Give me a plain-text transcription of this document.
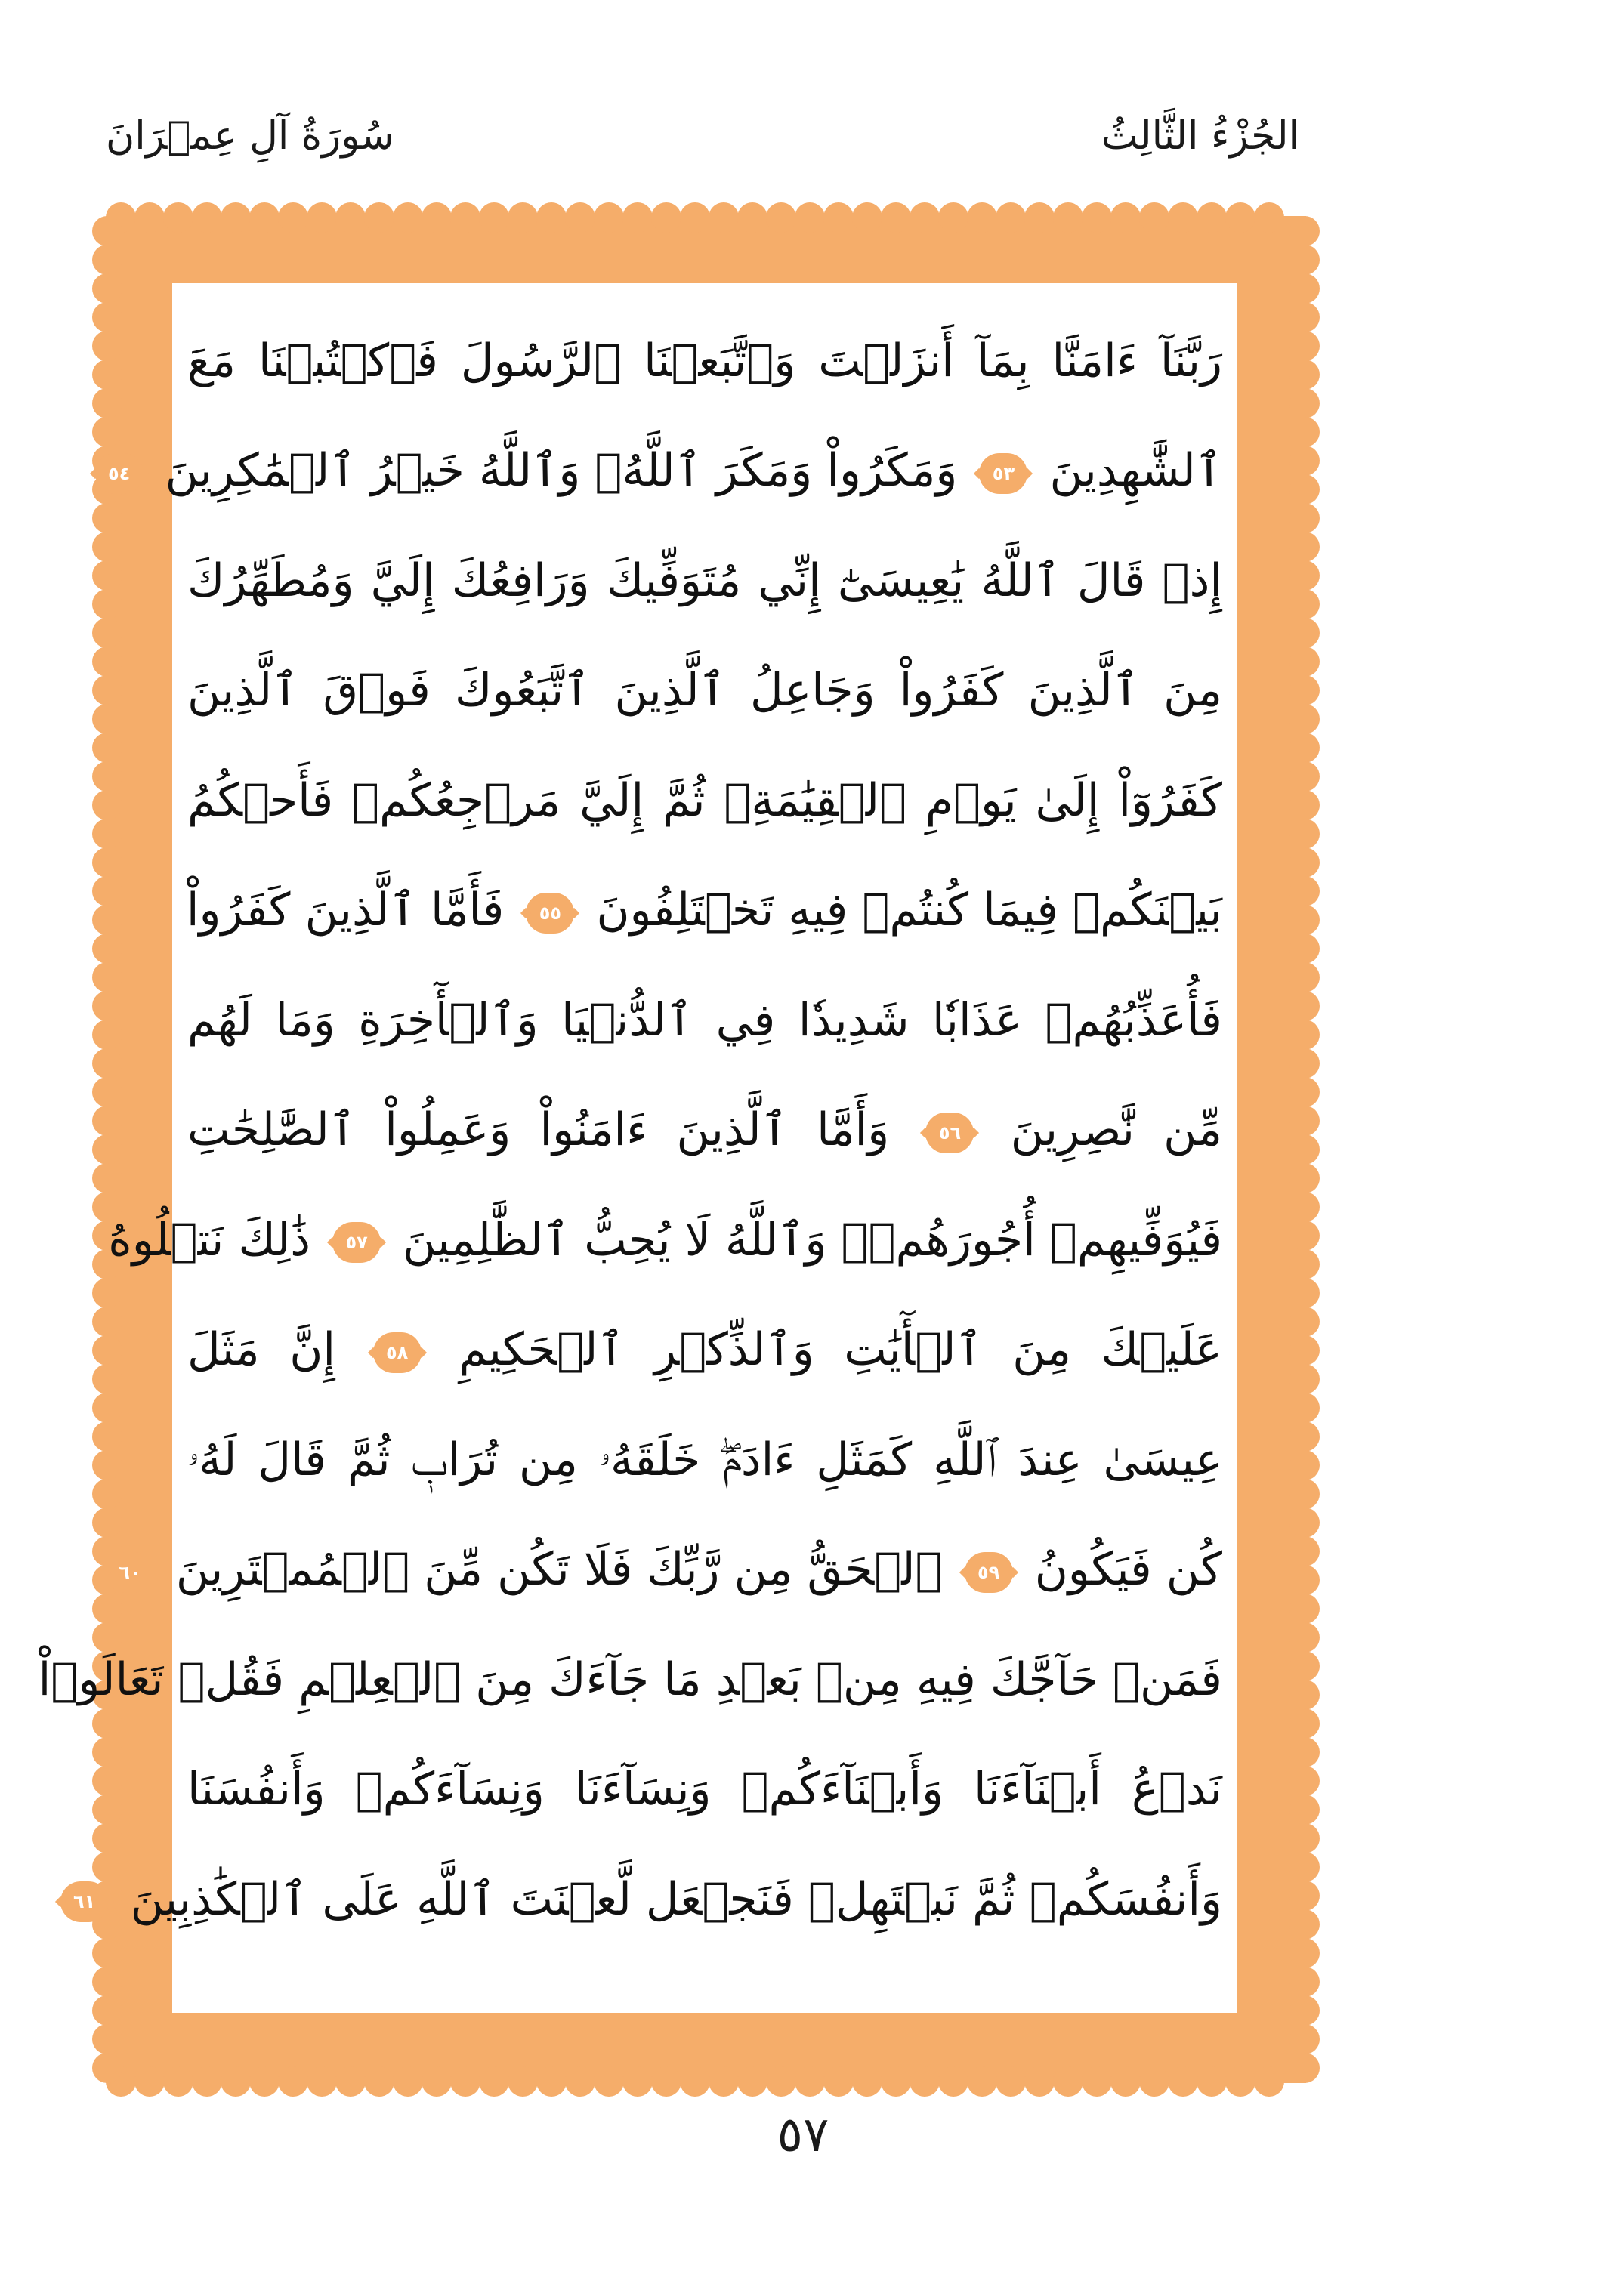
الجُزْءُ الثَّالِثُ
سُورَةُ آلِ عِمۡرَانَ
رَبَّنَآ ءَامَنَّا بِمَآ أَنزَلۡتَ وَٱتَّبَعۡنَا ٱلرَّسُولَ فَٱكۡتُبۡنَا مَعَ
ٱلشَّٰهِدِينَ ٥٣ وَمَكَرُواْ وَمَكَرَ ٱللَّهُۖ وَٱللَّهُ خَيۡرُ ٱلۡمَٰكِرِينَ ٥٤
إِذۡ قَالَ ٱللَّهُ يَٰعِيسَىٰٓ إِنِّي مُتَوَفِّيكَ وَرَافِعُكَ إِلَيَّ وَمُطَهِّرُكَ
مِنَ ٱلَّذِينَ كَفَرُواْ وَجَاعِلُ ٱلَّذِينَ ٱتَّبَعُوكَ فَوۡقَ ٱلَّذِينَ
كَفَرُوٓاْ إِلَىٰ يَوۡمِ ٱلۡقِيَٰمَةِۖ ثُمَّ إِلَيَّ مَرۡجِعُكُمۡ فَأَحۡكُمُ
بَيۡنَكُمۡ فِيمَا كُنتُمۡ فِيهِ تَخۡتَلِفُونَ ٥٥ فَأَمَّا ٱلَّذِينَ كَفَرُواْ
فَأُعَذِّبُهُمۡ عَذَابٗا شَدِيدٗا فِي ٱلدُّنۡيَا وَٱلۡأٓخِرَةِ وَمَا لَهُم
مِّن نَّٰصِرِينَ ٥٦ وَأَمَّا ٱلَّذِينَ ءَامَنُواْ وَعَمِلُواْ ٱلصَّٰلِحَٰتِ
فَيُوَفِّيهِمۡ أُجُورَهُمۡۗ وَٱللَّهُ لَا يُحِبُّ ٱلظَّٰلِمِينَ ٥٧ ذَٰلِكَ نَتۡلُوهُ
عَلَيۡكَ مِنَ ٱلۡأٓيَٰتِ وَٱلذِّكۡرِ ٱلۡحَكِيمِ ٥٨ إِنَّ مَثَلَ
عِيسَىٰ عِندَ ٱللَّهِ كَمَثَلِ ءَادَمَۖ خَلَقَهُۥ مِن تُرَابٖ ثُمَّ قَالَ لَهُۥ
كُن فَيَكُونُ ٥٩ ٱلۡحَقُّ مِن رَّبِّكَ فَلَا تَكُن مِّنَ ٱلۡمُمۡتَرِينَ ٦٠
فَمَنۡ حَآجَّكَ فِيهِ مِنۢ بَعۡدِ مَا جَآءَكَ مِنَ ٱلۡعِلۡمِ فَقُلۡ تَعَالَوۡاْ
نَدۡعُ أَبۡنَآءَنَا وَأَبۡنَآءَكُمۡ وَنِسَآءَنَا وَنِسَآءَكُمۡ وَأَنفُسَنَا
وَأَنفُسَكُمۡ ثُمَّ نَبۡتَهِلۡ فَنَجۡعَل لَّعۡنَتَ ٱللَّهِ عَلَى ٱلۡكَٰذِبِينَ ٦١
٥٧
